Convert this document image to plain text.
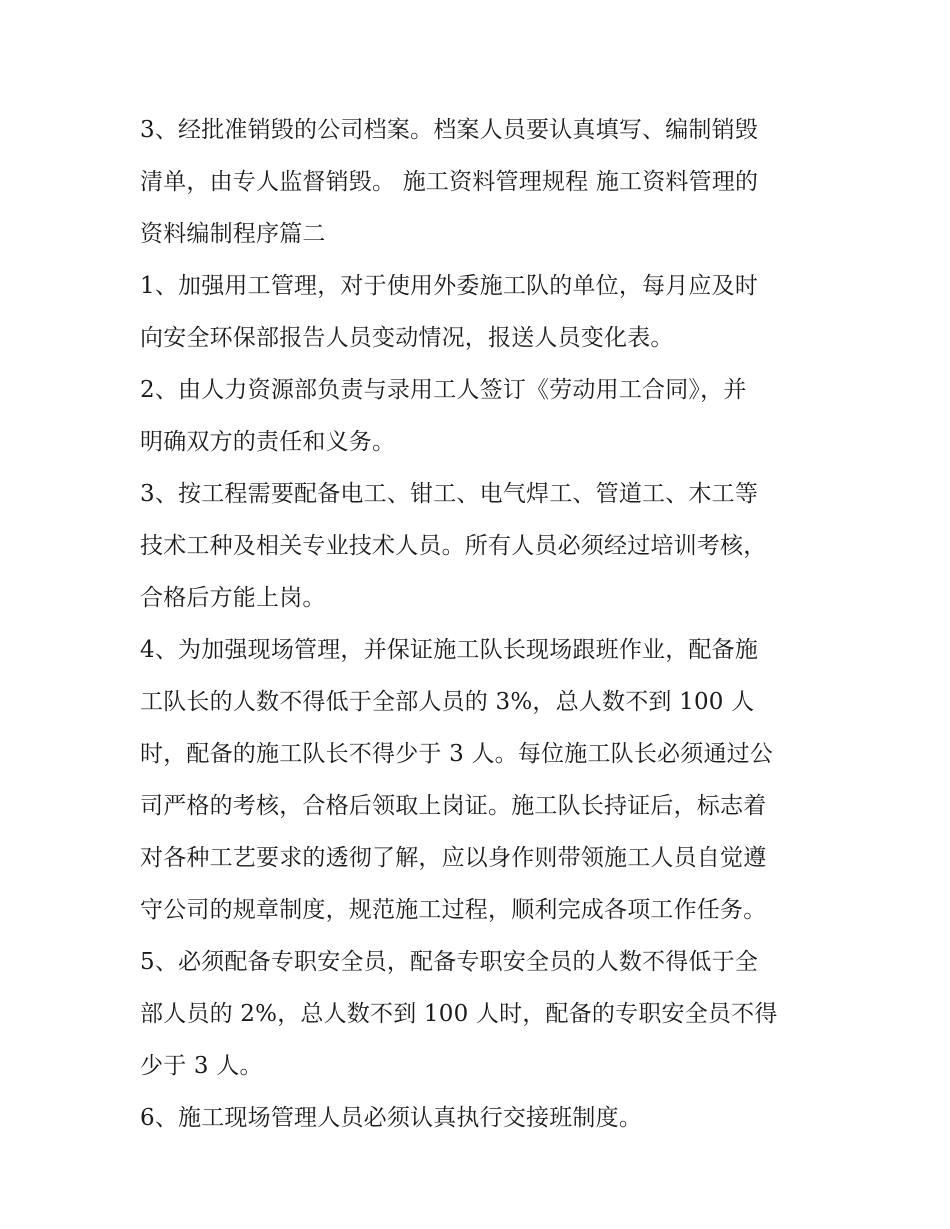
3、经批准销毁的公司档案。档案人员要认真填写、编制销毁
清单，由专人监督销毁。 施工资料管理规程 施工资料管理的
资料编制程序篇二
1、加强用工管理，对于使用外委施工队的单位，每月应及时
向安全环保部报告人员变动情况，报送人员变化表。
2、由人力资源部负责与录用工人签订《劳动用工合同》，并
明确双方的责任和义务。
3、按工程需要配备电工、钳工、电气焊工、管道工、木工等
技术工种及相关专业技术人员。所有人员必须经过培训考核，
合格后方能上岗。
4、为加强现场管理，并保证施工队长现场跟班作业，配备施
工队长的人数不得低于全部人员的 3%，总人数不到 100 人
时，配备的施工队长不得少于 3 人。每位施工队长必须通过公
司严格的考核，合格后领取上岗证。施工队长持证后，标志着
对各种工艺要求的透彻了解，应以身作则带领施工人员自觉遵
守公司的规章制度，规范施工过程，顺利完成各项工作任务。
5、必须配备专职安全员，配备专职安全员的人数不得低于全
部人员的 2%，总人数不到 100 人时，配备的专职安全员不得
少于 3 人。
6、施工现场管理人员必须认真执行交接班制度。
